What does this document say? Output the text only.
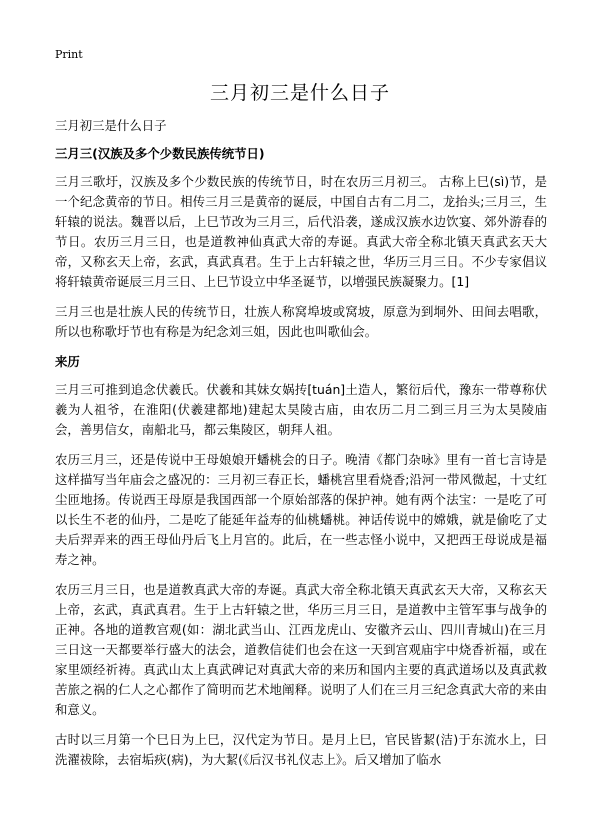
Print
三月初三是什么日子

三月初三是什么日子

三月三(汉族及多个少数民族传统节日)

三月三歌圩，汉族及多个少数民族的传统节日，时在农历三月初三。 古称上巳(sì)节，是一个纪念黄帝的节日。相传三月三是黄帝的诞辰，中国自古有二月二，龙抬头;三月三，生轩辕的说法。魏晋以后，上巳节改为三月三，后代沿袭，遂成汉族水边饮宴、郊外游春的节日。农历三月三日，也是道教神仙真武大帝的寿诞。真武大帝全称北镇天真武玄天大帝，又称玄天上帝，玄武，真武真君。生于上古轩辕之世，华历三月三日。不少专家倡议将轩辕黄帝诞辰三月三日、上巳节设立中华圣诞节，以增强民族凝聚力。[1]

三月三也是壮族人民的传统节日，壮族人称窝埠坡或窝坡，原意为到垌外、田间去唱歌，所以也称歌圩节也有称是为纪念刘三姐，因此也叫歌仙会。

来历

三月三可推到追念伏羲氏。伏羲和其妹女娲抟[tuán]土造人，繁衍后代，豫东一带尊称伏羲为人祖爷，在淮阳(伏羲建都地)建起太昊陵古庙，由农历二月二到三月三为太昊陵庙会，善男信女，南船北马，都云集陵区，朝拜人祖。

农历三月三，还是传说中王母娘娘开蟠桃会的日子。晚清《都门杂咏》里有一首七言诗是这样描写当年庙会之盛况的：三月初三春正长，蟠桃宫里看烧香;沿河一带风微起，十丈红尘匝地扬。传说西王母原是我国西部一个原始部落的保护神。她有两个法宝：一是吃了可以长生不老的仙丹，二是吃了能延年益寿的仙桃蟠桃。神话传说中的嫦娥，就是偷吃了丈夫后羿弄来的西王母仙丹后飞上月宫的。此后，在一些志怪小说中，又把西王母说成是福寿之神。

农历三月三日，也是道教真武大帝的寿诞。真武大帝全称北镇天真武玄天大帝，又称玄天上帝，玄武，真武真君。生于上古轩辕之世，华历三月三日，是道教中主管军事与战争的正神。各地的道教宫观(如：湖北武当山、江西龙虎山、安徽齐云山、四川青城山)在三月三日这一天都要举行盛大的法会，道教信徒们也会在这一天到宫观庙宇中烧香祈福，或在家里颂经祈祷。真武山太上真武碑记对真武大帝的来历和国内主要的真武道场以及真武救苦旅之祸的仁人之心都作了简明而艺术地阐释。说明了人们在三月三纪念真武大帝的来由和意义。

古时以三月第一个巳日为上巳，汉代定为节日。是月上巳，官民皆絜(洁)于东流水上，曰洗濯祓除，去宿垢疢(病)，为大絜(《后汉书礼仪志上》。后又增加了临水
